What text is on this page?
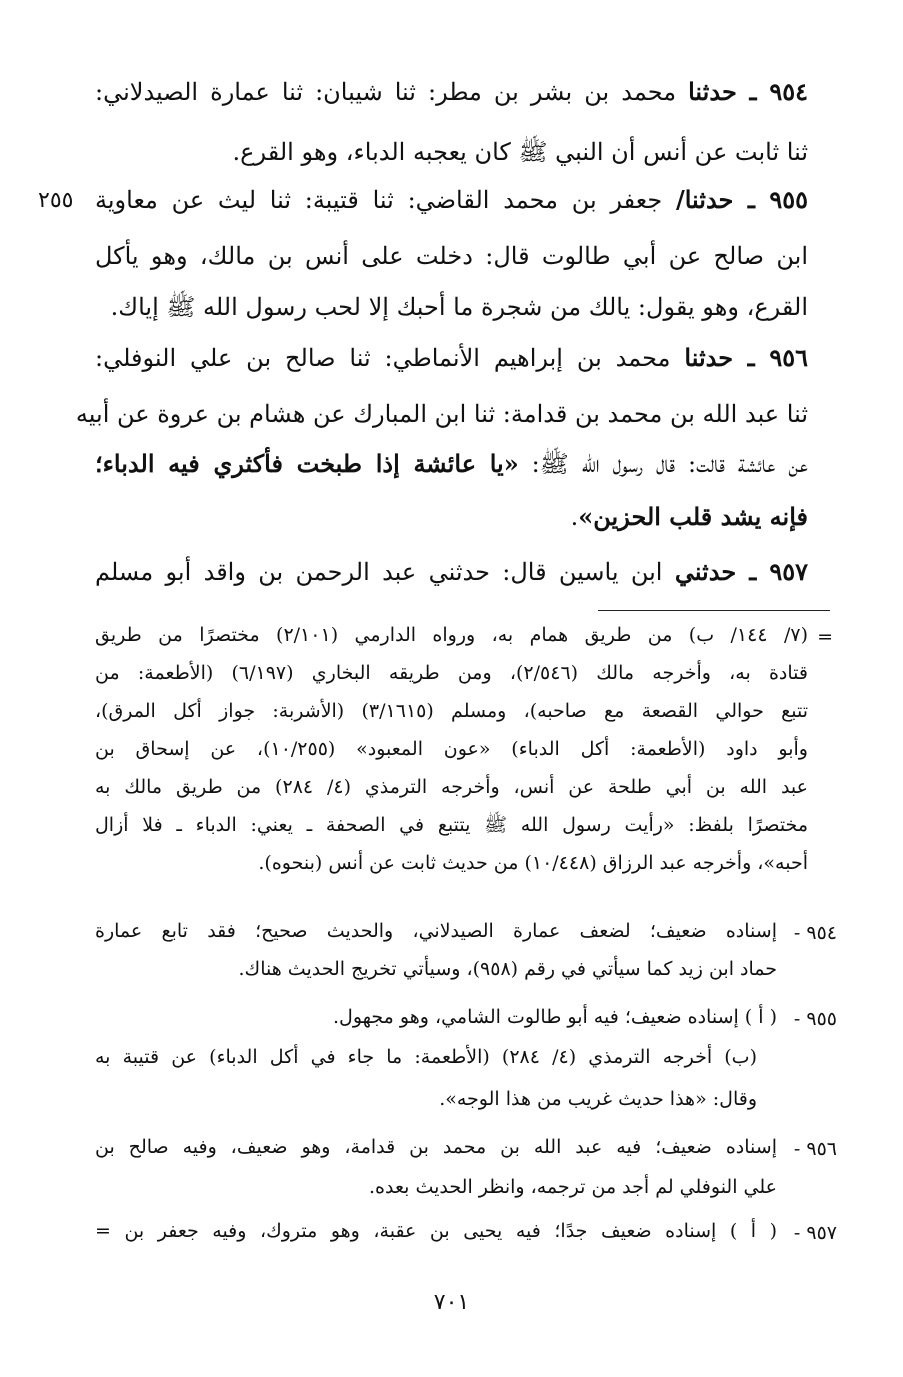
٩٥٤ ـ حدثنا محمد بن بشر بن مطر: ثنا شيبان: ثنا عمارة الصيدلاني:
ثنا ثابت عن أنس أن النبي ﷺ كان يعجبه الدباء، وهو القرع.
٩٥٥ ـ حدثنا/ جعفر بن محمد القاضي: ثنا قتيبة: ثنا ليث عن معاوية
ابن صالح عن أبي طالوت قال: دخلت على أنس بن مالك، وهو يأكل
القرع، وهو يقول: يالك من شجرة ما أحبك إلا لحب رسول الله ﷺ إياك.
٩٥٦ ـ حدثنا محمد بن إبراهيم الأنماطي: ثنا صالح بن علي النوفلي:
ثنا عبد الله بن محمد بن قدامة: ثنا ابن المبارك عن هشام بن عروة عن أبيه
عن عائشة قالت: قال رسول الله ﷺ: «يا عائشة إذا طبخت فأكثري فيه الدباء؛
فإنه يشد قلب الحزين».
٩٥٧ ـ حدثني ابن ياسين قال: حدثني عبد الرحمن بن واقد أبو مسلم
٢٥٥
=
(٧/ ١٤٤/ ب) من طريق همام به، ورواه الدارمي (٢/١٠١) مختصرًا من طريق
قتادة به، وأخرجه مالك (٢/٥٤٦)، ومن طريقه البخاري (٦/١٩٧) (الأطعمة: من
تتبع حوالي القصعة مع صاحبه)، ومسلم (٣/١٦١٥) (الأشربة: جواز أكل المرق)،
وأبو داود (الأطعمة: أكل الدباء) «عون المعبود» (١٠/٢٥٥)، عن إسحاق بن
عبد الله بن أبي طلحة عن أنس، وأخرجه الترمذي (٤/ ٢٨٤) من طريق مالك به
مختصرًا بلفظ: «رأيت رسول الله ﷺ يتتبع في الصحفة ـ يعني: الدباء ـ فلا أزال
أحبه»، وأخرجه عبد الرزاق (١٠/٤٤٨) من حديث ثابت عن أنس (بنحوه).
٩٥٤ -
إسناده ضعيف؛ لضعف عمارة الصيدلاني، والحديث صحيح؛ فقد تابع عمارة
حماد ابن زيد كما سيأتي في رقم (٩٥٨)، وسيأتي تخريج الحديث هناك.
٩٥٥ -
( أ ) إسناده ضعيف؛ فيه أبو طالوت الشامي، وهو مجهول.
(ب) أخرجه الترمذي (٤/ ٢٨٤) (الأطعمة: ما جاء في أكل الدباء) عن قتيبة به
وقال: «هذا حديث غريب من هذا الوجه».
٩٥٦ -
إسناده ضعيف؛ فيه عبد الله بن محمد بن قدامة، وهو ضعيف، وفيه صالح بن
علي النوفلي لم أجد من ترجمه، وانظر الحديث بعده.
٩٥٧ -
( أ ) إسناده ضعيف جدًا؛ فيه يحيى بن عقبة، وهو متروك، وفيه جعفر بن =
٧٠١
